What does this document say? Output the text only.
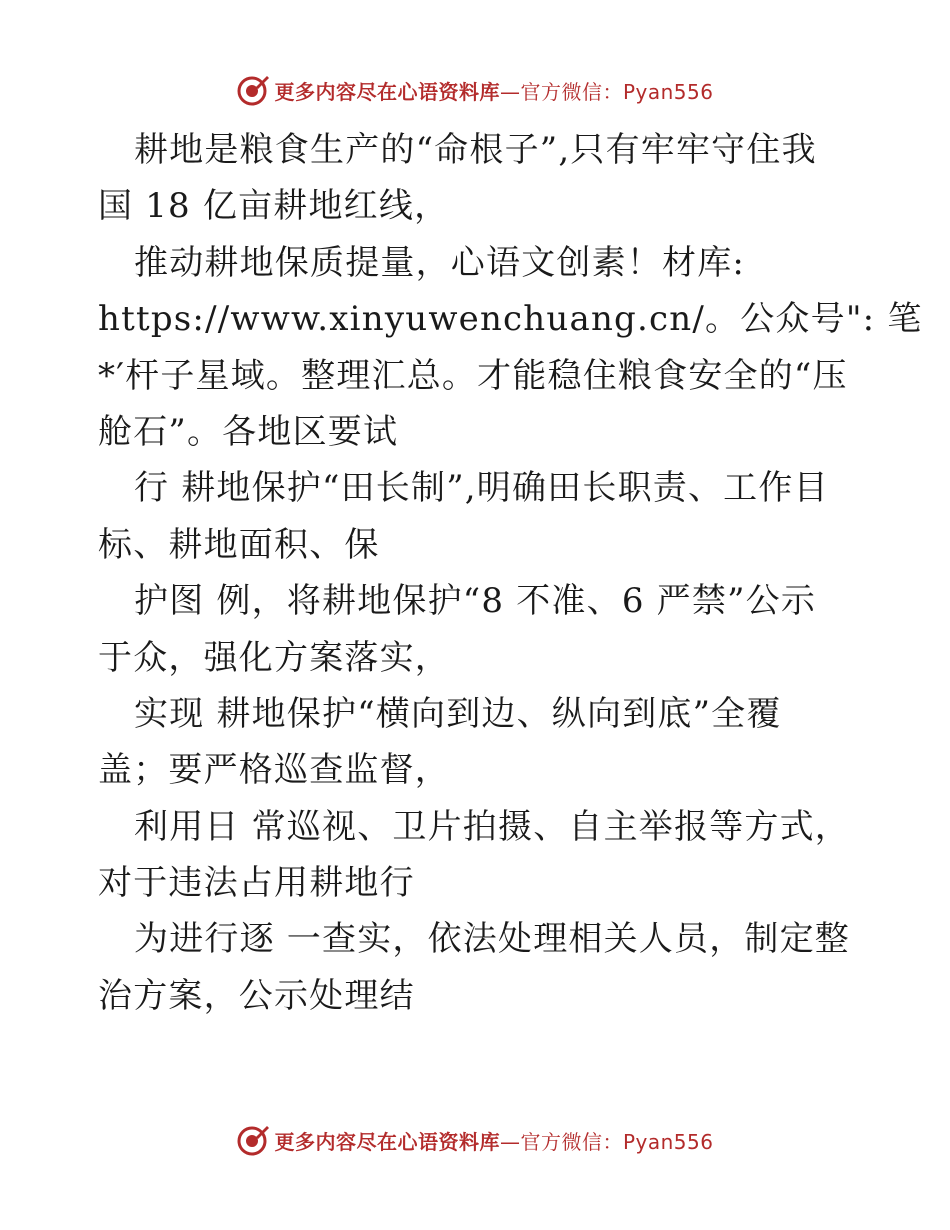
更多内容尽在心语资料库—官方微信：Pyan556
耕地是粮食生产的“命根子”,只有牢牢守住我
国 18 亿亩耕地红线，
推动耕地保质提量，心语文创素！材库:
https://www.xinyuwenchuang.cn/。公众号": 笔
*′杆子星域。整理汇总。才能稳住粮食安全的“压
舱石”。各地区要试
行 耕地保护“田长制”,明确田长职责、工作目
标、耕地面积、保
护图 例，将耕地保护“8 不准、6 严禁”公示
于众，强化方案落实，
实现 耕地保护“横向到边、纵向到底”全覆
盖；要严格巡查监督，
利用日 常巡视、卫片拍摄、自主举报等方式，
对于违法占用耕地行
为进行逐 一查实，依法处理相关人员，制定整
治方案，公示处理结
更多内容尽在心语资料库—官方微信：Pyan556
